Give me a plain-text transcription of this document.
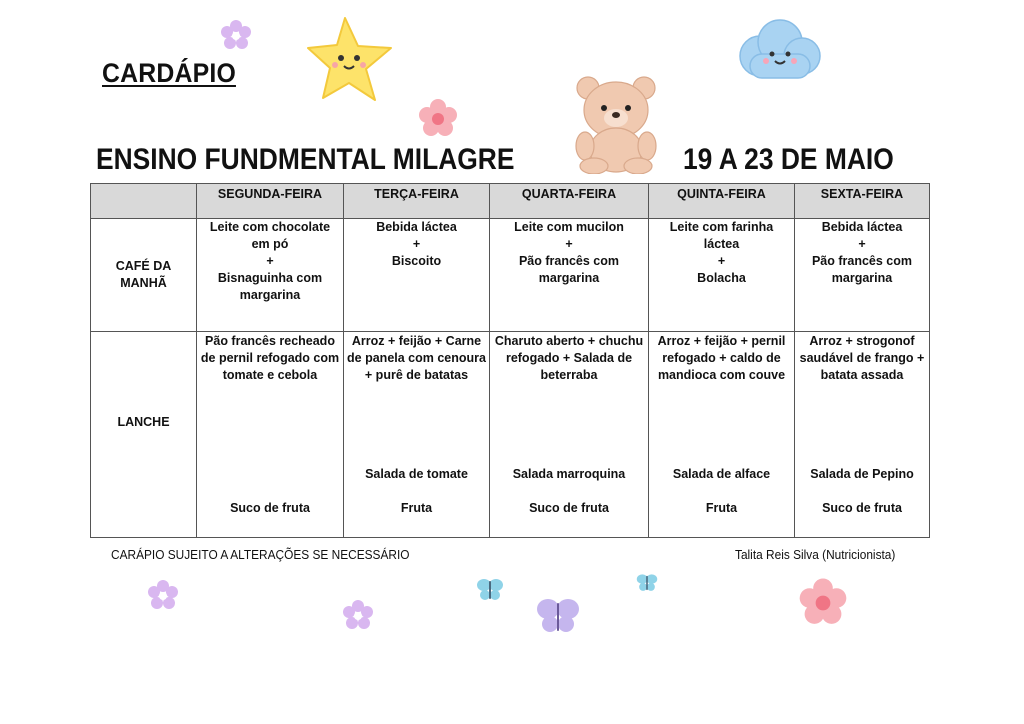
CARDÁPIO
ENSINO FUNDMENTAL MILAGRE	19 A 23 DE MAIO
	SEGUNDA-FEIRA	TERÇA-FEIRA	QUARTA-FEIRA	QUINTA-FEIRA	SEXTA-FEIRA

CAFÉ DA
MANHÃ	Leite com chocolate
em pó
+
Bisnaguinha com
margarina	Bebida láctea
+
Biscoito	Leite com mucilon
+
Pão francês com
margarina	Leite com farinha
láctea
+
Bolacha	Bebida láctea
+
Pão francês com
margarina

LANCHE	Pão francês recheado
de pernil refogado com
tomate e cebola
Suco de fruta	Arroz + feijão + Carne
de panela com cenoura
+ purê de batatas
Salada de tomate
Fruta	Charuto aberto + chuchu
refogado + Salada de
beterraba
Salada marroquina
Suco de fruta	Arroz + feijão + pernil
refogado + caldo de
mandioca com couve
Salada de alface
Fruta	Arroz + strogonof
saudável de frango +
batata assada
Salada de Pepino
Suco de fruta
CARÁPIO SUJEITO A ALTERAÇÕES SE NECESSÁRIO	Talita Reis Silva (Nutricionista)
